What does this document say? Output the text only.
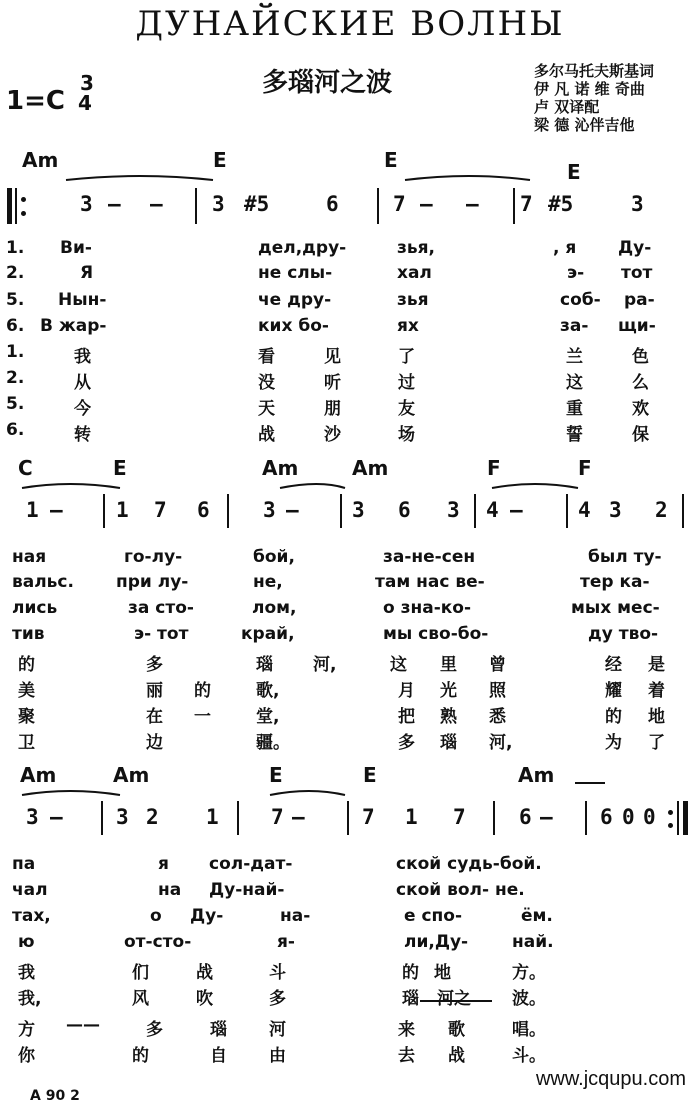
ДУНАЙСКИЕ ВОЛНЫ
多瑙河之波
1=C
3
4
多尔马托夫斯基词
伊 凡 诺 维 奇曲
卢 双译配
梁 德 沁伴吉他
Am	E	E	E
3 — — 3 #5	6	7 — — 7 #5	3
1. Ви-	дел,дру-	зья,	, я Ду-
2.	Я	не слы-	хал	э- тот
5. Нын-	че дру-	зья	соб- ра-
6. В жар-	ких бо-	ях	за- щи-
1.	我	看	见	了	兰	色
2.	从	没	听	过	这	么
5.	今	天	朋	友	重	欢
6.	转	战	沙	场	誓	保
C	E	Am	Am	F	F
1 —	1 7 6	3 —	3 6 3 4 —	4 3 2
ная	го-лу-	бой,	за-не-сен	был ту-
вальс. при лу-	не,	там нас ве-	тер ка-
лись	за сто-	лом,	о зна-ко-	мых мес-
тив	э- тот	край,	мы сво-бо-	ду тво-
的	多	瑙 河,	这 里 曾	经 是
美	丽 的	歌,	月 光 照	耀 着
聚	在 一	堂,	把 熟 悉	的 地
卫	边	疆。	多 瑙 河,	为 了
Am	Am	E	E	Am
3 —	3 2 1 7 —	7 1 7	6 — 6 0 0
па	я сол-дат-	ской судь-бой.
чал	на Ду-най-	ской вол- не.
тах,	о Ду-	на-	е спо-	ём.
ю	от-сто-	я-	ли,Ду-	най.
我	们	战	斗	的 地	方。
我,	风	吹	多	瑙 河之 波。
方 ——	多	瑙 河	来 歌	唱。
你	的	自 由	去 战	斗。
A 90 2
www.jcqupu.com
